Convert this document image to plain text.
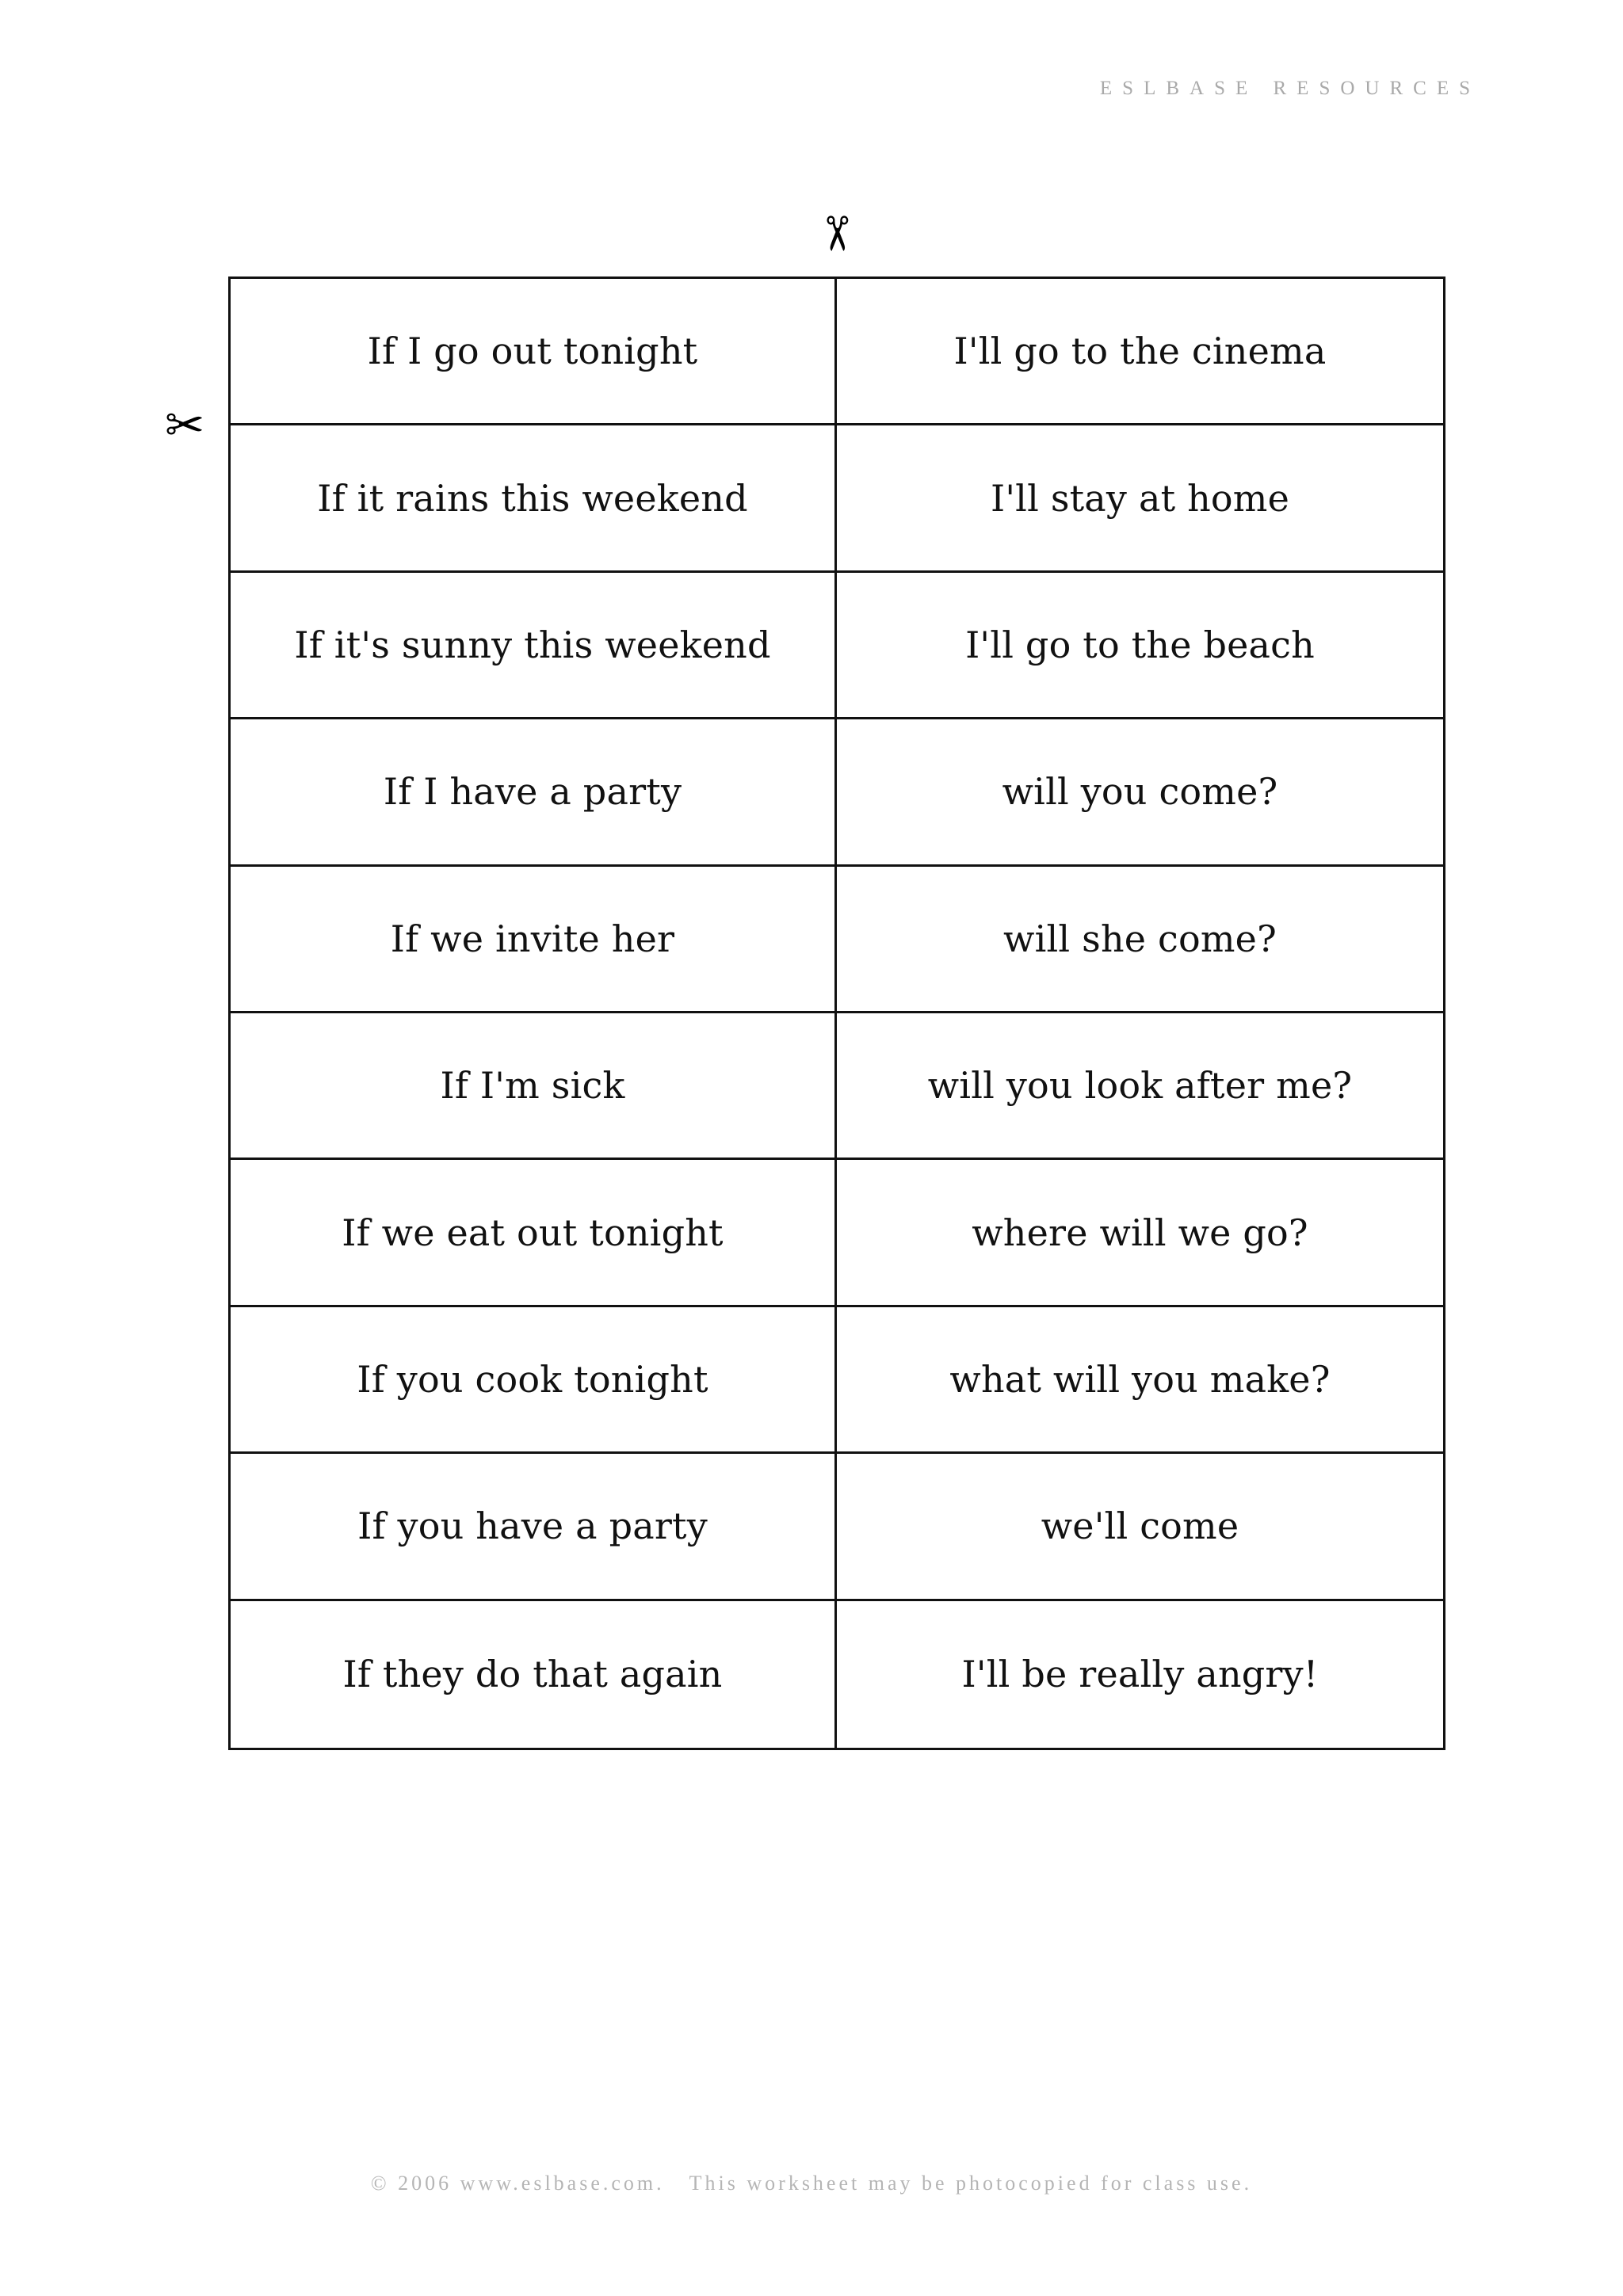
ESLBASE RESOURCES
✂
✂
If I go out tonight	I'll go to the cinema
If it rains this weekend	I'll stay at home
If it's sunny this weekend	I'll go to the beach
If I have a party	will you come?
If we invite her	will she come?
If I'm sick	will you look after me?
If we eat out tonight	where will we go?
If you cook tonight	what will you make?
If you have a party	we'll come
If they do that again	I'll be really angry!
© 2006 www.eslbase.com.   This worksheet may be photocopied for class use.
